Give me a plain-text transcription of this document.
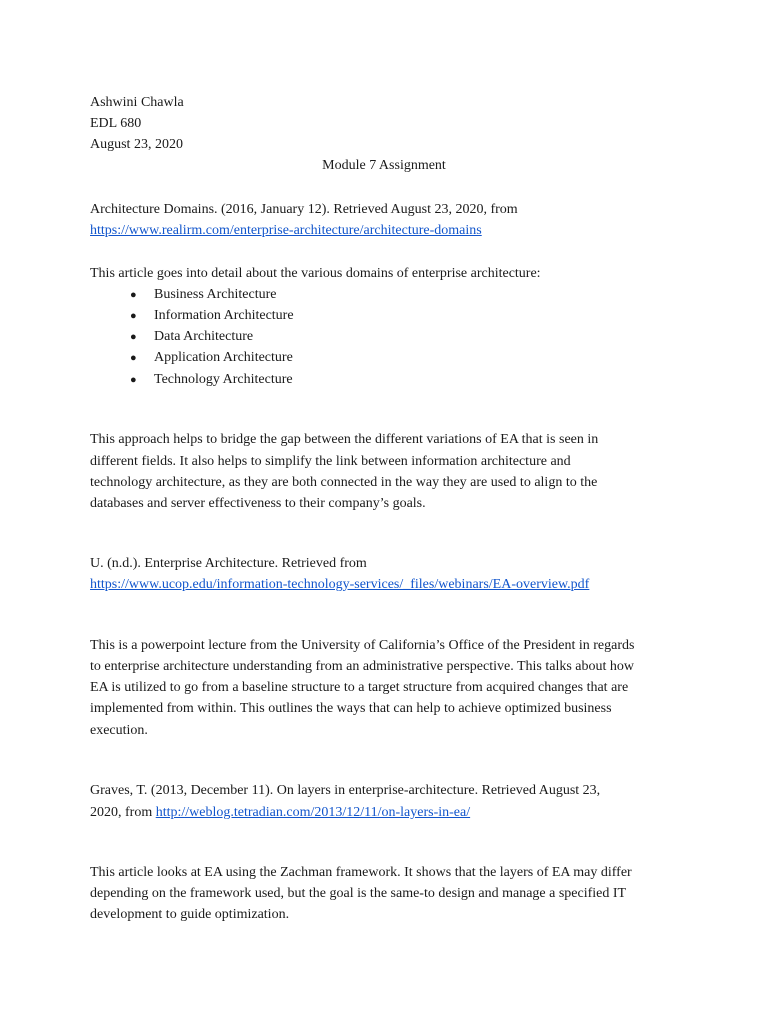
Ashwini Chawla
EDL 680
August 23, 2020
Module 7 Assignment
Architecture Domains. (2016, January 12). Retrieved August 23, 2020, from
https://www.realirm.com/enterprise-architecture/architecture-domains
This article goes into detail about the various domains of enterprise architecture:
●Business Architecture
●Information Architecture
●Data Architecture
●Application Architecture
●Technology Architecture
This approach helps to bridge the gap between the different variations of EA that is seen in
different fields. It also helps to simplify the link between information architecture and
technology architecture, as they are both connected in the way they are used to align to the
databases and server effectiveness to their company’s goals.
U. (n.d.). Enterprise Architecture. Retrieved from
https://www.ucop.edu/information-technology-services/_files/webinars/EA-overview.pdf
This is a powerpoint lecture from the University of California’s Office of the President in regards
to enterprise architecture understanding from an administrative perspective. This talks about how
EA is utilized to go from a baseline structure to a target structure from acquired changes that are
implemented from within. This outlines the ways that can help to achieve optimized business
execution.
Graves, T. (2013, December 11). On layers in enterprise-architecture. Retrieved August 23,
2020, from http://weblog.tetradian.com/2013/12/11/on-layers-in-ea/
This article looks at EA using the Zachman framework. It shows that the layers of EA may differ
depending on the framework used, but the goal is the same-to design and manage a specified IT
development to guide optimization.
